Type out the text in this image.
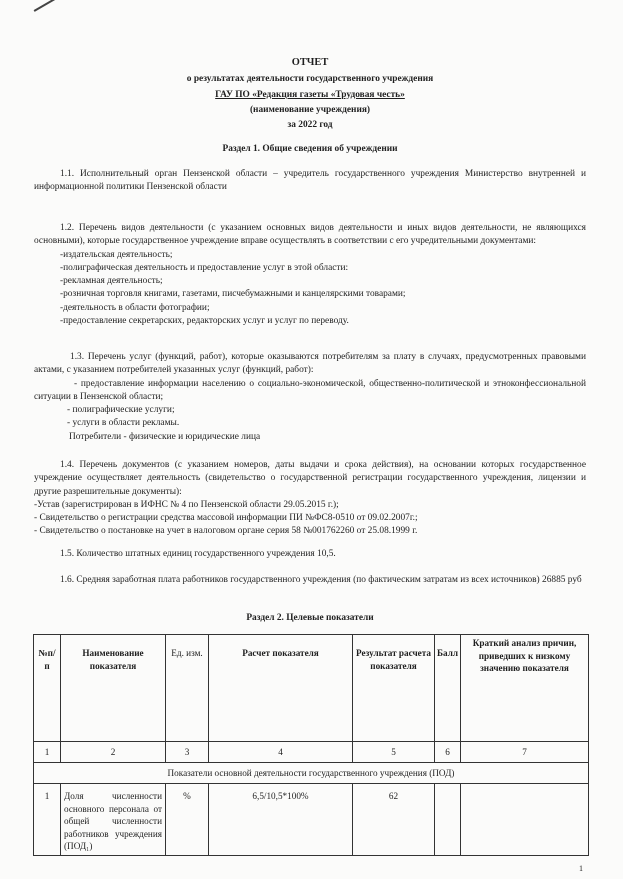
ОТЧЕТ

о результатах деятельности государственного учреждения

ГАУ ПО «Редакция газеты «Трудовая честь»

(наименование учреждения)

за 2022 год

Раздел 1. Общие сведения об учреждении

1.1. Исполнительный орган Пензенской области – учредитель государственного учреждения Министерство внутренней и информационной политики Пензенской области

1.2. Перечень видов деятельности (с указанием основных видов деятельности и иных видов деятельности, не являющихся основными), которые государственное учреждение вправе осуществлять в соответствии с его учредительными документами:
-издательская деятельность;
-полиграфическая деятельность и предоставление услуг в этой области:
-рекламная деятельность;
-розничная торговля книгами, газетами, писчебумажными и канцелярскими товарами;
-деятельность в области фотографии;
-предоставление секретарских, редакторских услуг и услуг по переводу.
1.3. Перечень услуг (функций, работ), которые оказываются потребителям за плату в случаях, предусмотренных правовыми актами, с указанием потребителей указанных услуг (функций, работ):
- предоставление информации населению о социально-экономической, общественно-политической и этноконфессиональной ситуации в Пензенской области;
- полиграфические услуги;
- услуги в области рекламы.
Потребители - физические и юридические лица
1.4. Перечень документов (с указанием номеров, даты выдачи и срока действия), на основании которых государственное учреждение осуществляет деятельность (свидетельство о государственной регистрации государственного учреждения, лицензии и другие разрешительные документы):
-Устав (зарегистрирован в ИФНС № 4 по Пензенской области 29.05.2015 г.);
- Свидетельство о регистрации средства массовой информации ПИ №ФС8-0510 от 09.02.2007г.;
- Свидетельство о постановке на учет в налоговом органе серия 58 №001762260 от 25.08.1999 г.

1.5. Количество штатных единиц государственного учреждения 10,5.

1.6. Средняя заработная плата работников государственного учреждения (по фактическим затратам из всех источников) 26885 руб

Раздел 2. Целевые показатели

№п/п	Наименование показателя	Ед. изм.	Расчет показателя	Результат расчета показателя	Балл	Краткий анализ причин, приведших к низкому значению показателя
1	2	3	4	5	6	7
Показатели основной деятельности государственного учреждения (ПОД)						
1	Доля численности основного персонала от общей численности работников учреждения (ПОД₁)	%	6,5/10,5*100%	62		
1
